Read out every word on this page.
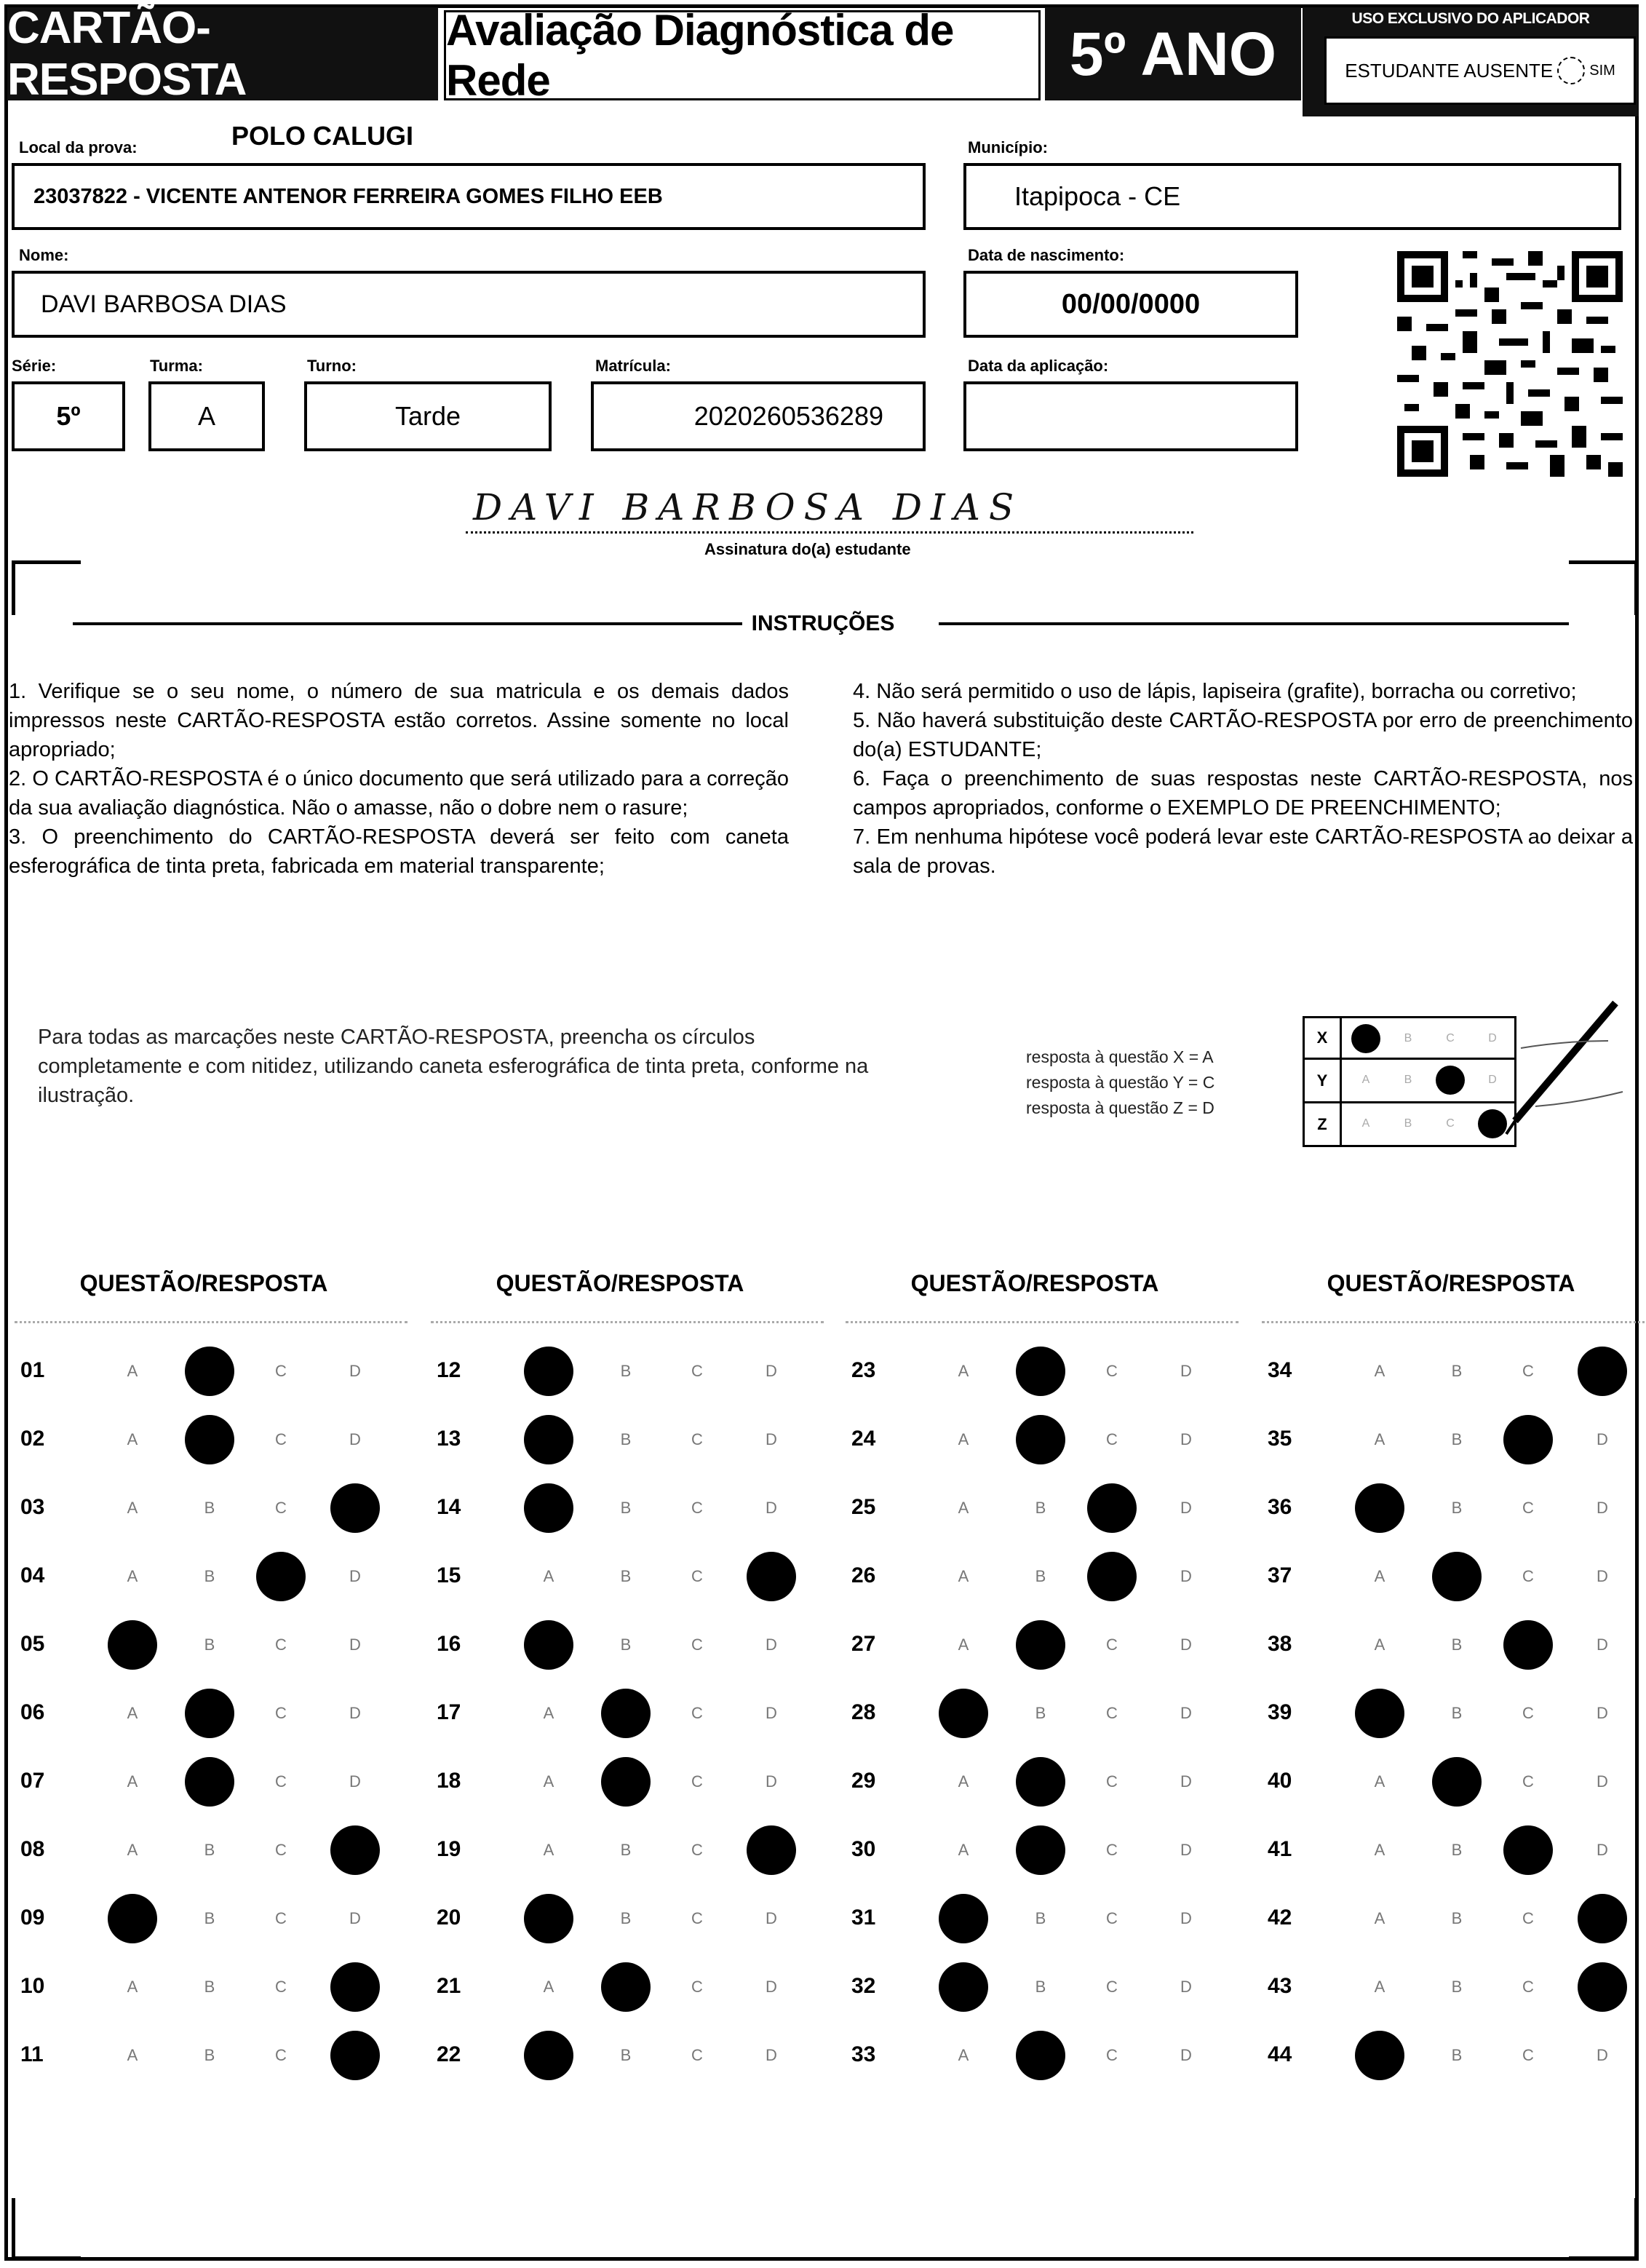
CARTÃO-RESPOSTA
Avaliação Diagnóstica de Rede	5º ANO
USO EXCLUSIVO DO APLICADOR
ESTUDANTE AUSENTE	SIM
Local da prova:	POLO CALUGI
23037822 - VICENTE ANTENOR FERREIRA GOMES FILHO EEB
Município:
Itapipoca - CE
Nome:
DAVI BARBOSA DIAS
Data de nascimento:
00/00/0000
Série:
5º
Turma:
A
Turno:
Tarde
Matrícula:
2020260536289
Data da aplicação:
DAVI BARBOSA DIAS
Assinatura do(a) estudante
INSTRUÇÕES

1. Verifique se o seu nome, o número de sua matricula e os demais dados impressos neste CARTÃO-RESPOSTA estão corretos. Assine somente no local apropriado;

2. O CARTÃO-RESPOSTA é o único documento que será utilizado para a correção da sua avaliação diagnóstica. Não o amasse, não o dobre nem o rasure;

3. O preenchimento do CARTÃO-RESPOSTA deverá ser feito com caneta esferográfica de tinta preta, fabricada em material transparente;

4. Não será permitido o uso de lápis, lapiseira (grafite), borracha ou corretivo;

5. Não haverá substituição deste CARTÃO-RESPOSTA por erro de preenchimento do(a) ESTUDANTE;

6. Faça o preenchimento de suas respostas neste CARTÃO-RESPOSTA, nos campos apropriados, conforme o EXEMPLO DE PREENCHIMENTO;

7. Em nenhuma hipótese você poderá levar este CARTÃO-RESPOSTA ao deixar a sala de provas.

Para todas as marcações neste CARTÃO-RESPOSTA, preencha os círculos completamente e com nitidez, utilizando caneta esferográfica de tinta preta, conforme na ilustração.
resposta à questão X = A
resposta à questão Y = C
resposta à questão Z = D
X	B	C	D
Y	A	B	D
Z	A	B	C
QUESTÃO/RESPOSTA
01	A	C	D
02	A	C	D
03	A	B	C
04	A	B	D
05	B	C	D
06	A	C	D
07	A	C	D
08	A	B	C
09	B	C	D
10	A	B	C
11	A	B	C
QUESTÃO/RESPOSTA
12	B	C	D
13	B	C	D
14	B	C	D
15	A	B	C
16	B	C	D
17	A	C	D
18	A	C	D
19	A	B	C
20	B	C	D
21	A	C	D
22	B	C	D
QUESTÃO/RESPOSTA
23	A	C	D
24	A	C	D
25	A	B	D
26	A	B	D
27	A	C	D
28	B	C	D
29	A	C	D
30	A	C	D
31	B	C	D
32	B	C	D
33	A	C	D
QUESTÃO/RESPOSTA
34	A	B	C
35	A	B	D
36	B	C	D
37	A	C	D
38	A	B	D
39	B	C	D
40	A	C	D
41	A	B	D
42	A	B	C
43	A	B	C
44	B	C	D
